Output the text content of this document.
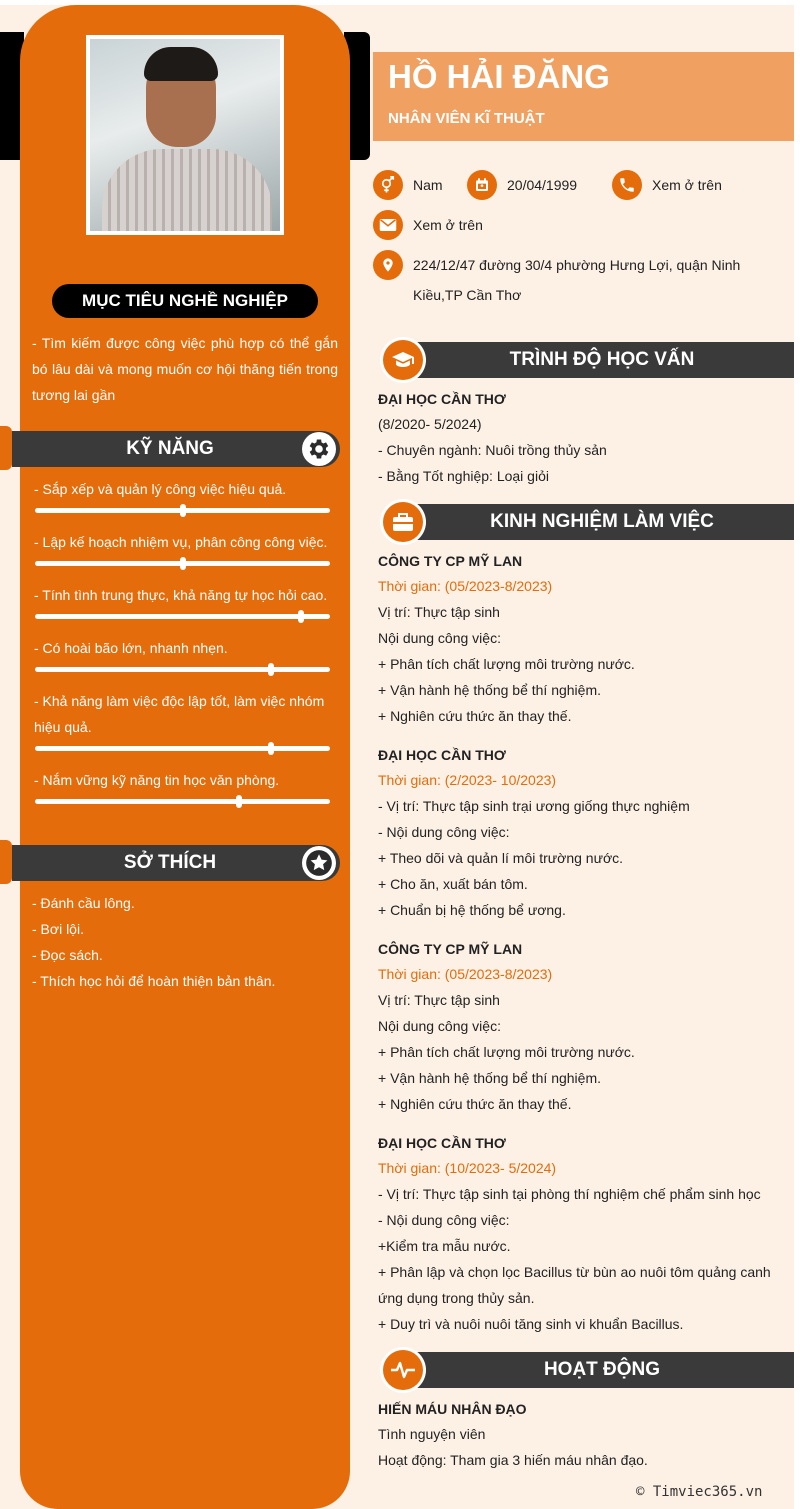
MỤC TIÊU NGHỀ NGHIỆP
- Tìm kiếm được công việc phù hợp có thể gắn bó lâu dài và mong muốn cơ hội thăng tiến trong tương lai gần
KỸ NĂNG
- Sắp xếp và quản lý công việc hiệu quả.
- Lập kế hoạch nhiệm vụ, phân công công việc.
- Tính tình trung thực, khả năng tự học hỏi cao.
- Có hoài bão lớn, nhanh nhẹn.
- Khả năng làm việc độc lập tốt, làm việc nhóm hiệu quả.
- Nắm vững kỹ năng tin học văn phòng.
SỞ THÍCH
- Đánh cầu lông.
- Bơi lội.
- Đọc sách.
- Thích học hỏi để hoàn thiện bản thân.
HỒ HẢI ĐĂNG
NHÂN VIÊN KĨ THUẬT
Nam	20/04/1999	Xem ở trên
Xem ở trên
224/12/47 đường 30/4 phường Hưng Lợi, quận Ninh
Kiều,TP Cần Thơ
TRÌNH ĐỘ HỌC VẤN
ĐẠI HỌC CẦN THƠ
(8/2020- 5/2024)
- Chuyên ngành: Nuôi trồng thủy sản
- Bằng Tốt nghiệp: Loại giỏi
KINH NGHIỆM LÀM VIỆC
CÔNG TY CP MỸ LAN
Thời gian: (05/2023-8/2023)
Vị trí: Thực tập sinh
Nội dung công việc:
+ Phân tích chất lượng môi trường nước.
+ Vận hành hệ thống bể thí nghiệm.
+ Nghiên cứu thức ăn thay thế.
ĐẠI HỌC CẦN THƠ
Thời gian: (2/2023- 10/2023)
- Vị trí: Thực tập sinh trại ương giống thực nghiệm
- Nội dung công việc:
+ Theo dõi và quản lí môi trường nước.
+ Cho ăn, xuất bán tôm.
+ Chuẩn bị hệ thống bể ương.
CÔNG TY CP MỸ LAN
Thời gian: (05/2023-8/2023)
Vị trí: Thực tập sinh
Nội dung công việc:
+ Phân tích chất lượng môi trường nước.
+ Vận hành hệ thống bể thí nghiệm.
+ Nghiên cứu thức ăn thay thế.
ĐẠI HỌC CẦN THƠ
Thời gian: (10/2023- 5/2024)
- Vị trí: Thực tập sinh tại phòng thí nghiệm chế phẩm sinh học
- Nội dung công việc:
+Kiểm tra mẫu nước.
+ Phân lập và chọn lọc Bacillus từ bùn ao nuôi tôm quảng canh ứng dụng trong thủy sản.
+ Duy trì và nuôi nuôi tăng sinh vi khuẩn Bacillus.
HOẠT ĐỘNG
HIẾN MÁU NHÂN ĐẠO
Tình nguyện viên
Hoạt động: Tham gia 3 hiến máu nhân đạo.
© Timviec365.vn
